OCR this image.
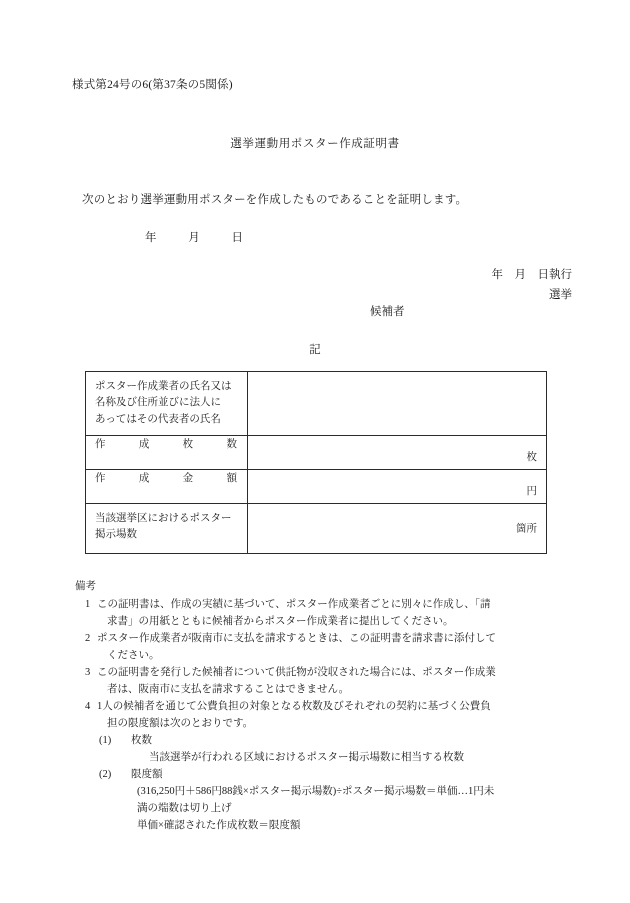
様式第24号の6(第37条の5関係)
選挙運動用ポスター作成証明書
次のとおり選挙運動用ポスターを作成したものであることを証明します。
年	月	日
年　月　日執行
選挙
候補者
記
ポスター作成業者の氏名又は
名称及び住所並びに法人に
あってはその代表者の氏名	

作 成 枚 数	枚

作 成 金 額	円

当該選挙区におけるポスター
掲示場数	箇所
備考
1 この証明書は、作成の実績に基づいて、ポスター作成業者ごとに別々に作成し、「請
求書」の用紙とともに候補者からポスター作成業者に提出してください。
2 ポスター作成業者が阪南市に支払を請求するときは、この証明書を請求書に添付して
ください。
3 この証明書を発行した候補者について供託物が没収された場合には、ポスター作成業
者は、阪南市に支払を請求することはできません。
4 1人の候補者を通じて公費負担の対象となる枚数及びそれぞれの契約に基づく公費負
担の限度額は次のとおりです。
(1)	枚数
当該選挙が行われる区域におけるポスター掲示場数に相当する枚数
(2)	限度額
(316,250円＋586円88銭×ポスター掲示場数)÷ポスター掲示場数＝単価…1円未
満の端数は切り上げ
単価×確認された作成枚数＝限度額
